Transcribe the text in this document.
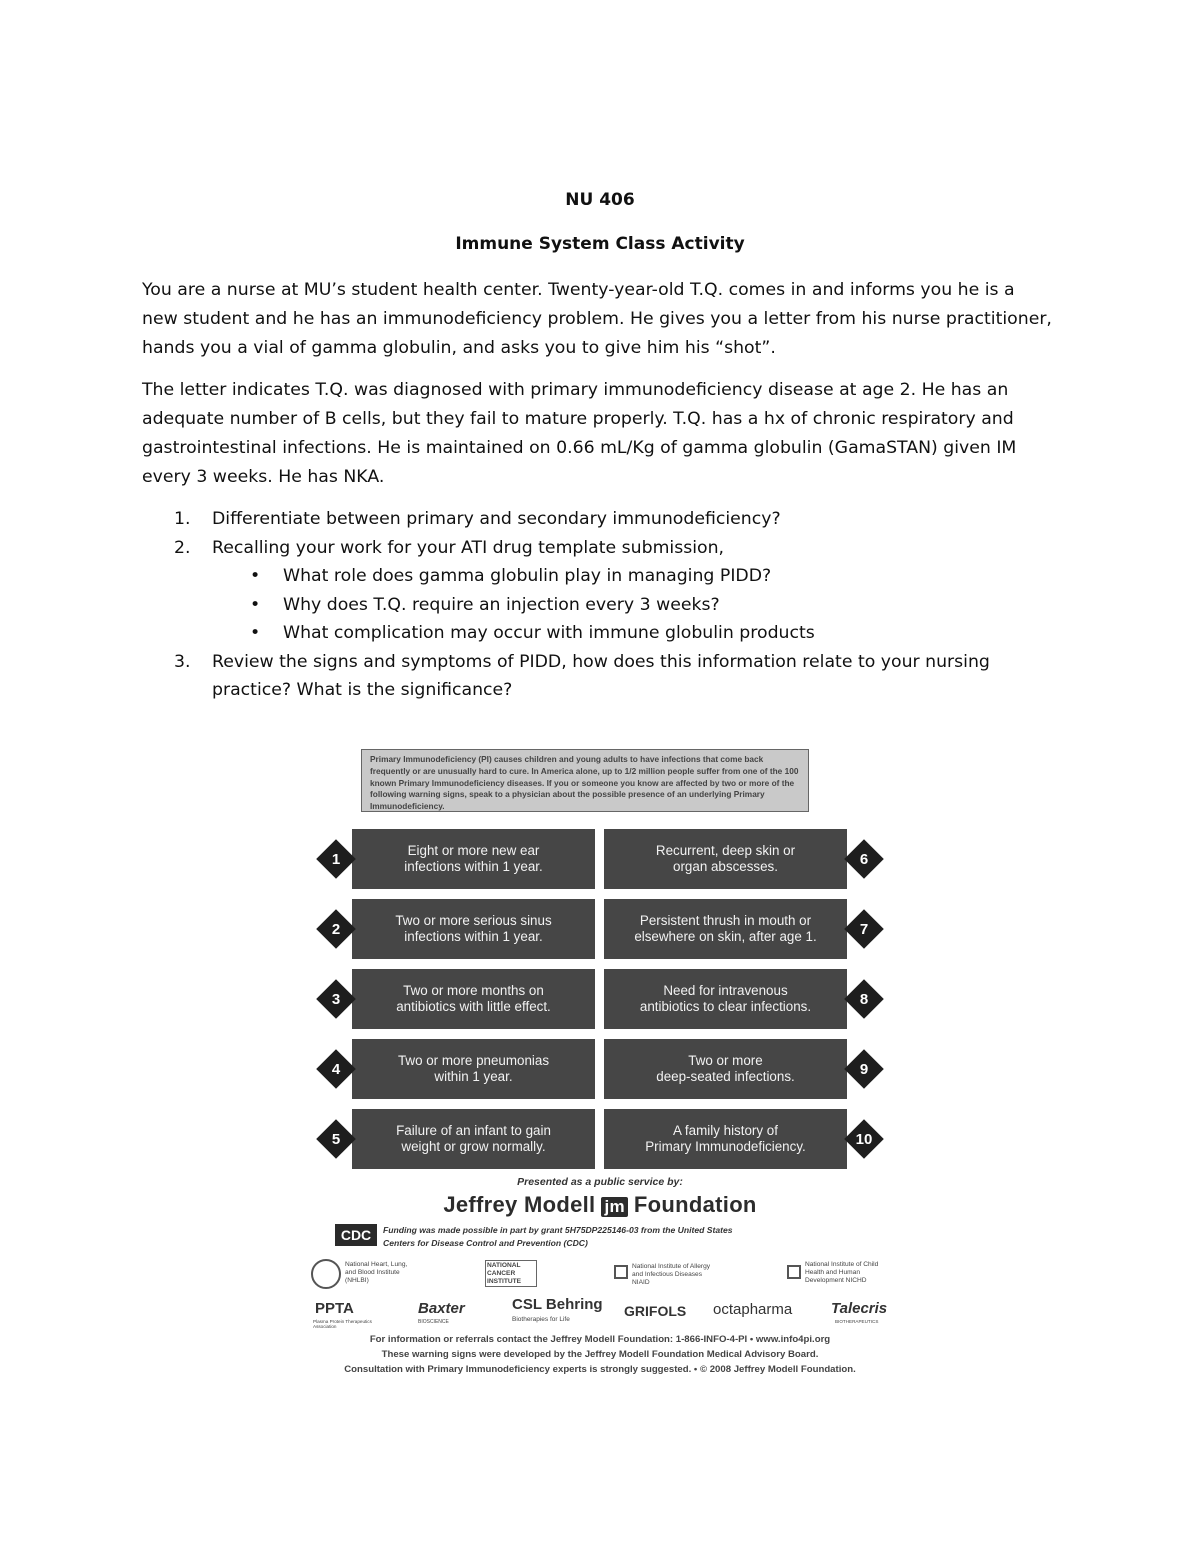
NU 406
Immune System Class Activity
You are a nurse at MU’s student health center. Twenty-year-old T.Q. comes in and informs you he is a
new student and he has an immunodeficiency problem. He gives you a letter from his nurse practitioner,
hands you a vial of gamma globulin, and asks you to give him his “shot”.
The letter indicates T.Q. was diagnosed with primary immunodeficiency disease at age 2. He has an
adequate number of B cells, but they fail to mature properly. T.Q. has a hx of chronic respiratory and
gastrointestinal infections. He is maintained on 0.66 mL/Kg of gamma globulin (GamaSTAN) given IM
every 3 weeks. He has NKA.
1. Differentiate between primary and secondary immunodeficiency?
2. Recalling your work for your ATI drug template submission,
• What role does gamma globulin play in managing PIDD?
• Why does T.Q. require an injection every 3 weeks?
• What complication may occur with immune globulin products
3. Review the signs and symptoms of PIDD, how does this information relate to your nursing
practice? What is the significance?
Primary Immunodeficiency (PI) causes children and young adults to have infections that come back frequently or are unusually hard to cure. In America alone, up to 1/2 million people suffer from one of the 100 known Primary Immunodeficiency diseases. If you or someone you know are affected by two or more of the following warning signs, speak to a physician about the possible presence of an underlying Primary Immunodeficiency.
Eight or more new ear
infections within 1 year.
Two or more serious sinus
infections within 1 year.
Two or more months on
antibiotics with little effect.
Two or more pneumonias
within 1 year.
Failure of an infant to gain
weight or grow normally.
Recurrent, deep skin or
organ abscesses.
Persistent thrush in mouth or
elsewhere on skin, after age 1.
Need for intravenous
antibiotics to clear infections.
Two or more
deep-seated infections.
A family history of
Primary Immunodeficiency.
1
2
3
4
5
6
7
8
9
10
Presented as a public service by:
Jeffrey Modell jm Foundation
CDC	Funding was made possible in part by grant 5H75DP225146-03 from the United States
Centers for Disease Control and Prevention (CDC)
National Heart, Lung, and Blood Institute (NHLBI)
NATIONAL CANCER INSTITUTE
National Institute of Allergy and Infectious Diseases NIAID
National Institute of Child Health and Human Development NICHD
PPTA
Plasma Protein Therapeutics Association
Baxter
BIOSCIENCE
CSL Behring
Biotherapies for Life
GRIFOLS octapharma	Talecris
BIOTHERAPEUTICS
For information or referrals contact the Jeffrey Modell Foundation: 1-866-INFO-4-PI • www.info4pi.org
These warning signs were developed by the Jeffrey Modell Foundation Medical Advisory Board.
Consultation with Primary Immunodeficiency experts is strongly suggested. • © 2008 Jeffrey Modell Foundation.
